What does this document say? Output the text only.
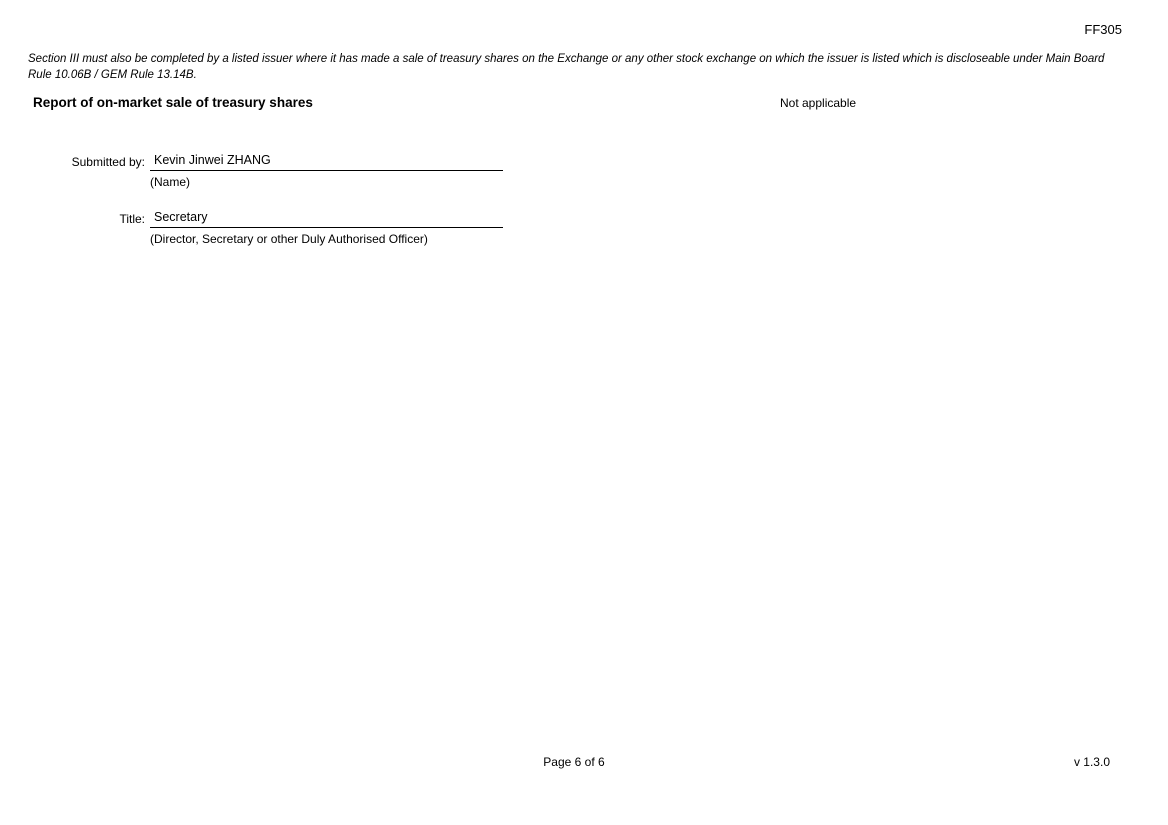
FF305
Section III must also be completed by a listed issuer where it has made a sale of treasury shares on the Exchange or any other stock exchange on which the issuer is listed which is discloseable under Main Board Rule 10.06B / GEM Rule 13.14B.
Report of on-market sale of treasury shares	Not applicable
Submitted by: Kevin Jinwei ZHANG
(Name)
Title: Secretary
(Director, Secretary or other Duly Authorised Officer)
Page 6 of 6	v 1.3.0
